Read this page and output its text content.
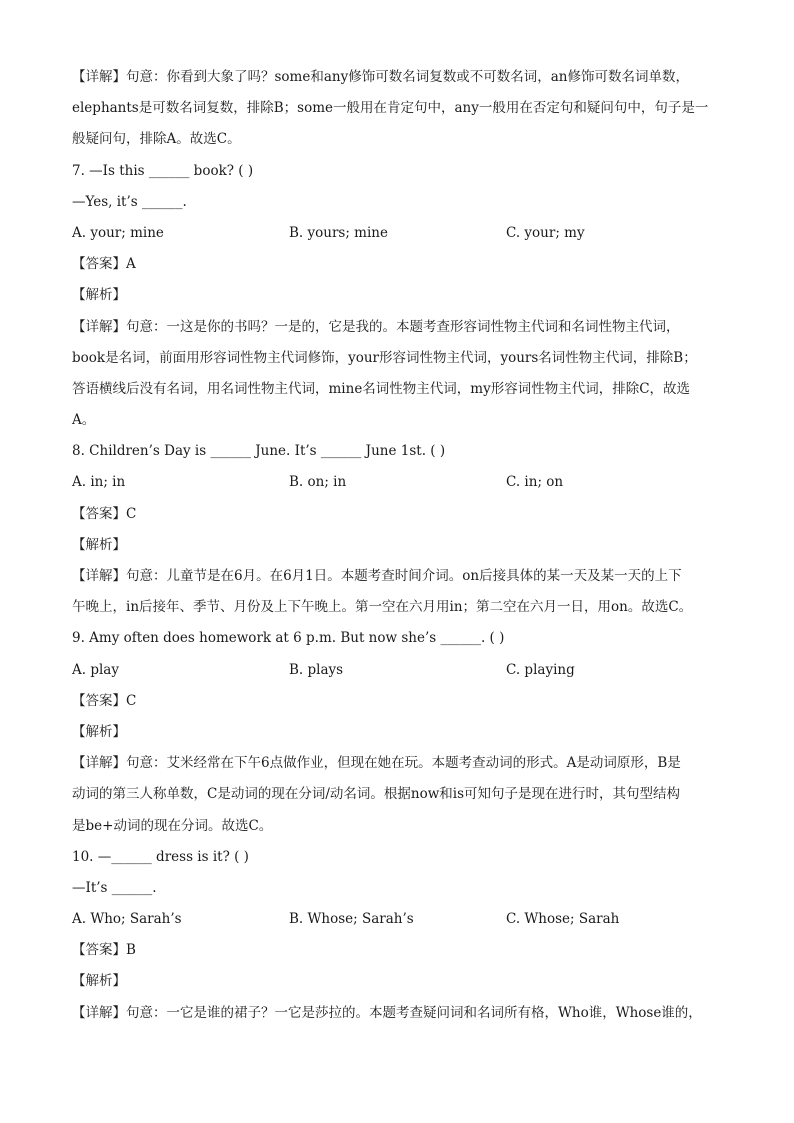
【详解】句意：你看到大象了吗？some和any修饰可数名词复数或不可数名词，an修饰可数名词单数，
elephants是可数名词复数，排除B；some一般用在肯定句中，any一般用在否定句和疑问句中，句子是一
般疑问句，排除A。故选C。
7. —Is this ______ book? ( )
—Yes, it’s ______.
A. your; mine	B. yours; mine	C. your; my
【答案】A
【解析】
【详解】句意：一这是你的书吗？一是的，它是我的。本题考查形容词性物主代词和名词性物主代词，
book是名词，前面用形容词性物主代词修饰，your形容词性物主代词，yours名词性物主代词，排除B；
答语横线后没有名词，用名词性物主代词，mine名词性物主代词，my形容词性物主代词，排除C，故选
A。
8. Children’s Day is ______ June. It’s ______ June 1st. ( )
A. in; in	B. on; in	C. in; on
【答案】C
【解析】
【详解】句意：儿童节是在6月。在6月1日。本题考查时间介词。on后接具体的某一天及某一天的上下
午晚上，in后接年、季节、月份及上下午晚上。第一空在六月用in；第二空在六月一日，用on。故选C。
9. Amy often does homework at 6 p.m. But now she’s ______. ( )
A. play	B. plays	C. playing
【答案】C
【解析】
【详解】句意：艾米经常在下午6点做作业，但现在她在玩。本题考查动词的形式。A是动词原形，B是
动词的第三人称单数，C是动词的现在分词/动名词。根据now和is可知句子是现在进行时，其句型结构
是be+动词的现在分词。故选C。
10. —______ dress is it? ( )
—It’s ______.
A. Who; Sarah’s	B. Whose; Sarah’s	C. Whose; Sarah
【答案】B
【解析】
【详解】句意：一它是谁的裙子？一它是莎拉的。本题考查疑问词和名词所有格，Who谁，Whose谁的，
